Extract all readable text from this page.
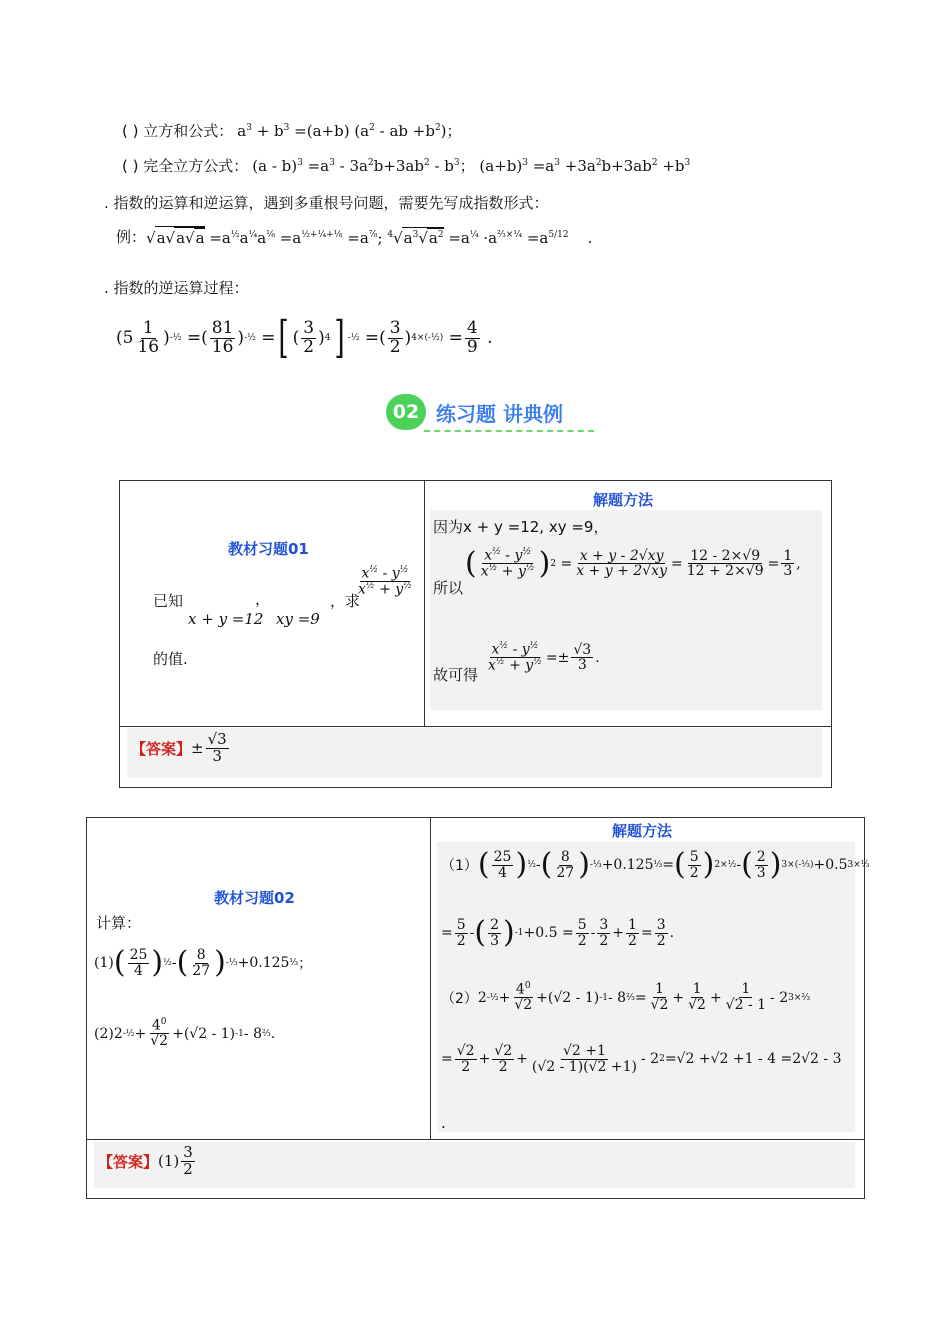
( ) 立方和公式： $a^3 + b^3 =(a+b)$ ($a^2$ - ab $+b^2$)；
( ) 完全立方公式： $(a - b)^3 =a^3 - 3a^2b+3ab^2 - b^3$； $(a+b)^3 =a^3 +3a^2b+3ab^2 +b^3$
. 指数的运算和逆运算，遇到多重根号问题，需要先写成指数形式：
例： $√a√a√a =a^{\frac{1}{2}}a^{\frac{1}{4}}a^{\frac{1}{8}} =a^{\frac{1}{2}+\frac{1}{4}+\frac{1}{8}} =a^{\frac{7}{8}}$; $^4√a^3√a^2 =a^{\frac{1}{4}} \cdot a^{\frac{2}{3}\times\frac{1}{4}} =a^{5/12}$    .
. 指数的逆运算过程：
($5 \frac{1}{16}$ ) -½ =( $\frac{81}{16}$ ) -½ = [ ( $\frac{3}{2}$ ) 4 ] -½ =( $\frac{3}{2}$ ) 4×(-½) = $\frac{4}{9}$ .
02 练习题 讲典例
教材习题01
已知
x + y =12
，
xy =9
，求
$\frac{x^{\frac{1}{2}} - y^{\frac{1}{2}}}{x^{\frac{1}{2}} + y^{\frac{1}{2}}}$
的值.
解题方法
因为x + y =12, xy =9，
所以
( $\frac{x^{\frac{1}{2}} - y^{\frac{1}{2}}}{x^{\frac{1}{2}} + y^{\frac{1}{2}}}$ ) $2 = \frac{x + y - 2√xy}{x + y + 2√xy} = \frac{12 - 2\times√9}{12 + 2\times√9} = \frac{1}{3}$ ,
故可得
$\frac{x^{\frac{1}{2}} - y^{\frac{1}{2}}}{x^{\frac{1}{2}} + y^{\frac{1}{2}}} =\pm \frac{√3}{3}$ .
【答案】 ± $\frac{√3}{3}$
教材习题02
计算：
(1) ( $\frac{25}{4}$ ) ½ - ( $\frac{8}{27}$ ) -⅓ +0.125 ⅓ ；
(2) 2 -½ + $\frac{4^0}{√2} +(√2 - 1)$ -1 - 8 ⅔ .
解题方法
（1） ( $\frac{25}{4}$ ) ½ - ( $\frac{8}{27}$ ) -⅓ +0.125 ⅓ = ( $\frac{5}{2}$ ) 2×½ - ( $\frac{2}{3}$ ) 3×(-⅓) +0.5 3×⅓
= $\frac{5}{2}$ - ( $\frac{2}{3}$ ) $-1 +0.5 = \frac{5}{2} - \frac{3}{2} + \frac{1}{2} = \frac{3}{2}$ .
（2） 2 -½ + $\frac{4^0}{√2} +(√2 - 1)$ -1 - 8 ⅔ = $\frac{1}{√2} + \frac{1}{√2} + \frac{1}{√2 - 1} - 2$ 3×⅔
= $\frac{√2}{2} + \frac{√2}{2} + \frac{√2 +1}{(√2 - 1)(√2 +1)} - 2$ 2 =√2 +√2 +1 - 4 =2√2 - 3
.
【答案】 $(1) \frac{3}{2}$
